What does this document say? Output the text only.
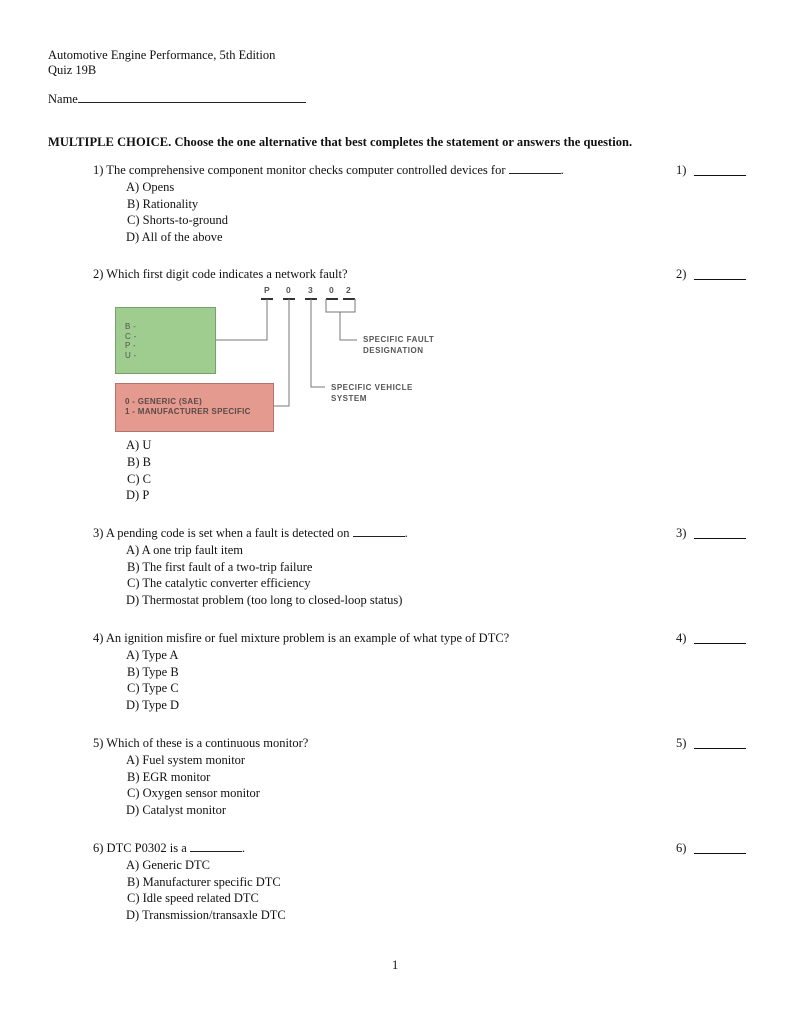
Automotive Engine Performance, 5th Edition
Quiz 19B
Name
MULTIPLE CHOICE. Choose the one alternative that best completes the statement or answers the question.
1) The comprehensive component monitor checks computer controlled devices for	.
A) Opens
B) Rationality
C) Shorts-to-ground
D) All of the above
1)
2) Which first digit code indicates a network fault?	2)
P 0 3 0 2
B -
C -
P -
U -
0 - GENERIC (SAE)
1 - MANUFACTURER SPECIFIC
SPECIFIC FAULT
DESIGNATION
SPECIFIC VEHICLE
SYSTEM
A) U
B) B
C) C
D) P
3) A pending code is set when a fault is detected on	.
A) A one trip fault item
B) The first fault of a two-trip failure
C) The catalytic converter efficiency
D) Thermostat problem (too long to closed-loop status)
3)
4) An ignition misfire or fuel mixture problem is an example of what type of DTC?
A) Type A
B) Type B
C) Type C
D) Type D
4)
5) Which of these is a continuous monitor?
A) Fuel system monitor
B) EGR monitor
C) Oxygen sensor monitor
D) Catalyst monitor
5)
6) DTC P0302 is a	.
A) Generic DTC
B) Manufacturer specific DTC
C) Idle speed related DTC
D) Transmission/transaxle DTC
6)
1
